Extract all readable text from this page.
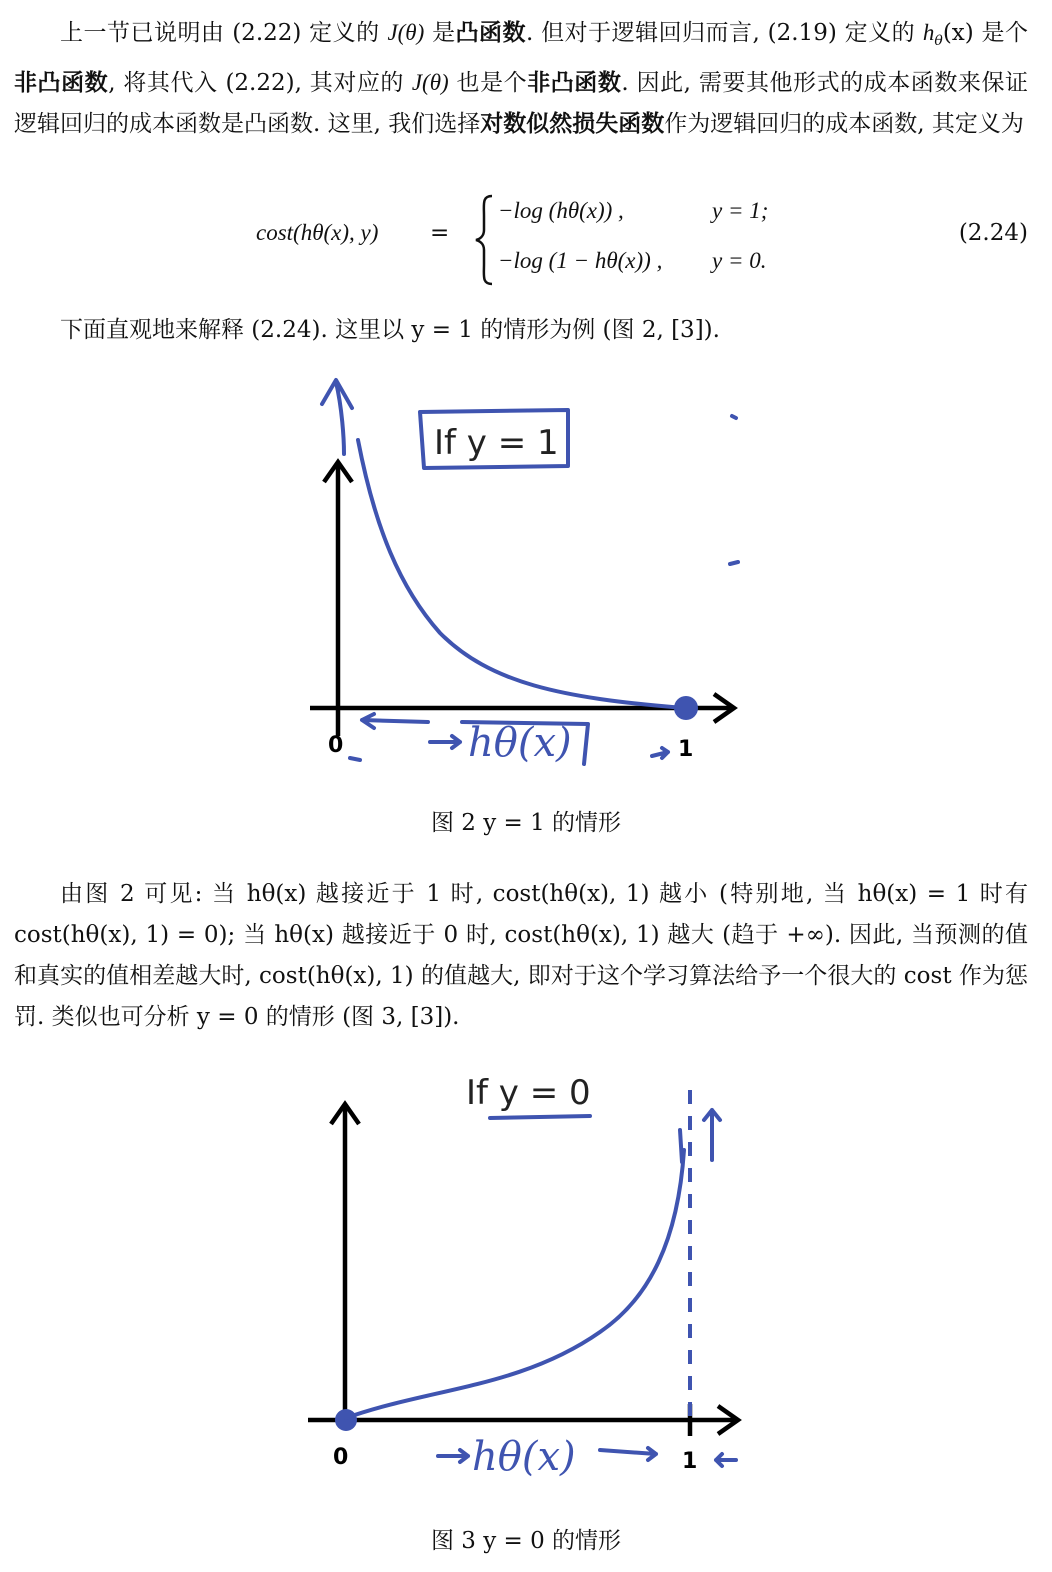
上一节已说明由 (2.22) 定义的 J(θ) 是凸函数. 但对于逻辑回归而言, (2.19) 定义的 $h_\theta(x)$ 是个非凸函数, 将其代入 (2.22), 其对应的 J(θ) 也是个非凸函数. 因此, 需要其他形式的成本函数来保证逻辑回归的成本函数是凸函数. 这里, 我们选择对数似然损失函数作为逻辑回归的成本函数, 其定义为
cost(hθ(x), y) =
−log (hθ(x)) ,	y = 1;
−log (1 − hθ(x)) , y = 0.
(2.24)
下面直观地来解释 (2.24). 这里以 y = 1 的情形为例 (图 2, [3]).
If y = 1
0	1
hθ(x)
图 2 y = 1 的情形
由图 2 可见: 当 hθ(x) 越接近于 1 时, cost(hθ(x), 1) 越小 (特别地, 当 hθ(x) = 1 时有 cost(hθ(x), 1) = 0); 当 hθ(x) 越接近于 0 时, cost(hθ(x), 1) 越大 (趋于 +∞). 因此, 当预测的值和真实的值相差越大时, cost(hθ(x), 1) 的值越大, 即对于这个学习算法给予一个很大的 cost 作为惩罚. 类似也可分析 y = 0 的情形 (图 3, [3]).
If y = 0
0	1
hθ(x)
图 3 y = 0 的情形
